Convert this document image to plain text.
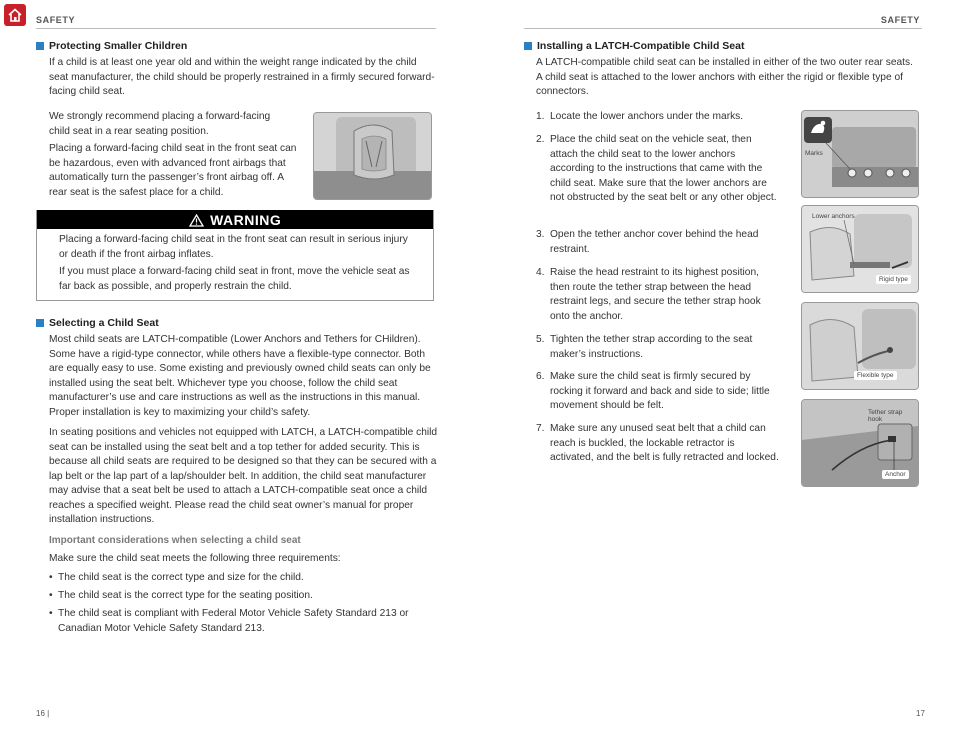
SAFETY
Protecting Smaller Children

If a child is at least one year old and within the weight range indicated by the child seat manufacturer, the child should be properly restrained in a firmly secured forward-facing child seat.

We strongly recommend placing a forward-facing child seat in a rear seating position.

Placing a forward-facing child seat in the front seat can be hazardous, even with advanced front airbags that automatically turn the passenger’s front airbag off. A rear seat is the safest place for a child.

WARNING

Placing a forward-facing child seat in the front seat can result in serious injury or death if the front airbag inflates.

If you must place a forward-facing child seat in front, move the vehicle seat as far back as possible, and properly restrain the child.

Selecting a Child Seat

Most child seats are LATCH-compatible (Lower Anchors and Tethers for CHildren). Some have a rigid-type connector, while others have a flexible-type connector. Both are equally easy to use. Some existing and previously owned child seats can only be installed using the seat belt. Whichever type you choose, follow the child seat manufacturer’s use and care instructions as well as the instructions in this manual. Proper installation is key to maximizing your child’s safety.

In seating positions and vehicles not equipped with LATCH, a LATCH-compatible child seat can be installed using the seat belt and a top tether for added security. This is because all child seats are required to be designed so that they can be secured with a lap belt or the lap part of a lap/shoulder belt. In addition, the child seat manufacturer may advise that a seat belt be used to attach a LATCH-compatible seat once a child reaches a specified weight. Please read the child seat owner’s manual for proper installation instructions.

Important considerations when selecting a child seat

Make sure the child seat meets the following three requirements:

• The child seat is the correct type and size for the child.
• The child seat is the correct type for the seating position.
• The child seat is compliant with Federal Motor Vehicle Safety Standard 213 or Canadian Motor Vehicle Safety Standard 213.
16 |
SAFETY
Installing a LATCH-Compatible Child Seat

A LATCH-compatible child seat can be installed in either of the two outer rear seats. A child seat is attached to the lower anchors with either the rigid or flexible type of connectors.

1. Locate the lower anchors under the marks.
2. Place the child seat on the vehicle seat, then attach the child seat to the lower anchors according to the instructions that came with the child seat. Make sure that the lower anchors are not obstructed by the seat belt or any other object.
3. Open the tether anchor cover behind the head restraint.
4. Raise the head restraint to its highest position, then route the tether strap between the head restraint legs, and secure the tether strap hook onto the anchor.
5. Tighten the tether strap according to the seat maker’s instructions.
6. Make sure the child seat is firmly secured by rocking it forward and back and side to side; little movement should be felt.
7. Make sure any unused seat belt that a child can reach is buckled, the lockable retractor is activated, and the belt is fully retracted and locked.
Marks
Lower anchors
Rigid type
Flexible type
Tether strap hook
Anchor
17
